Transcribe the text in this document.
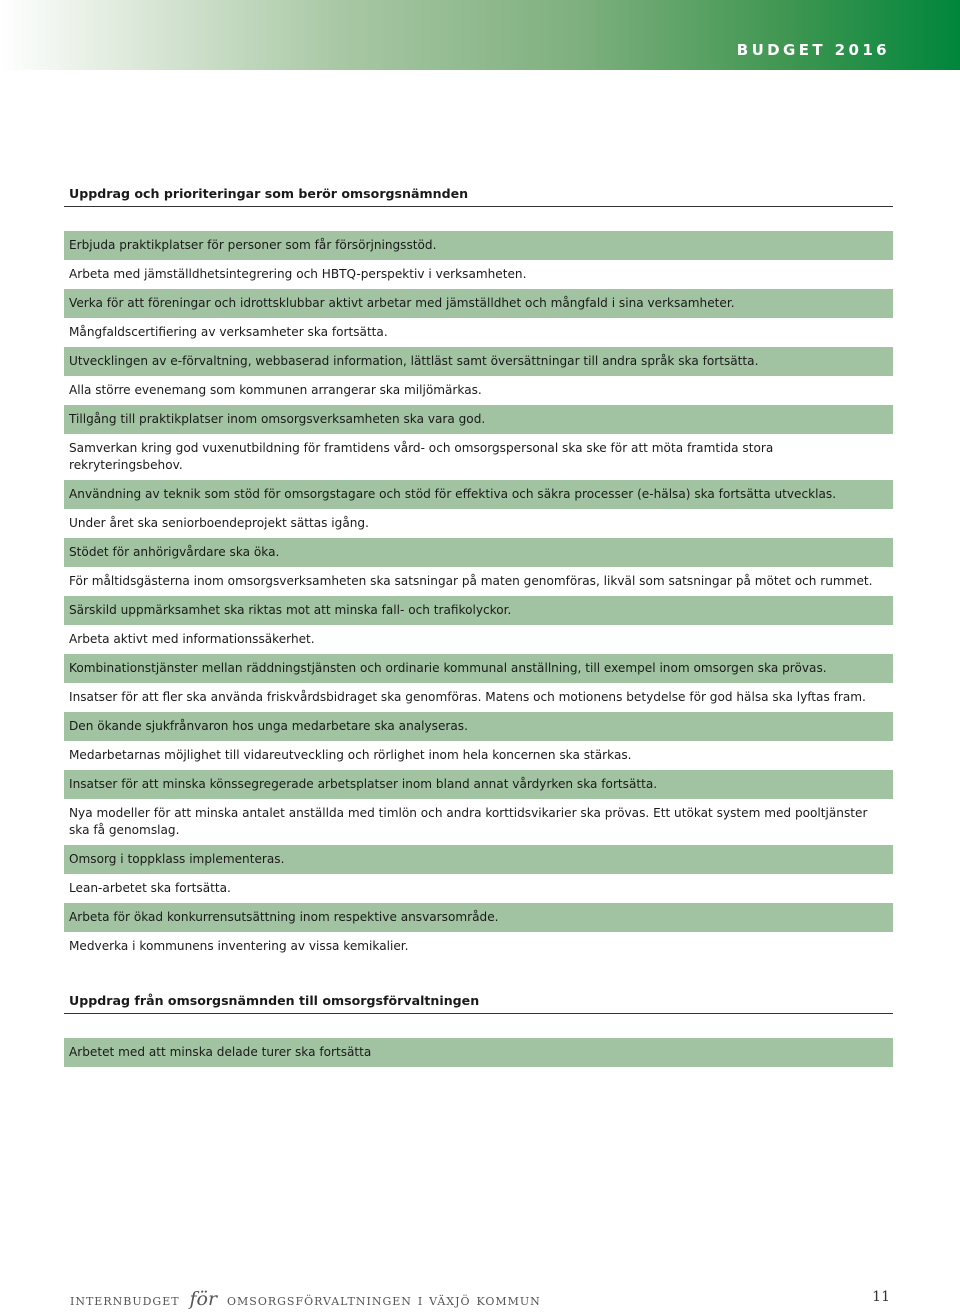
BUDGET 2016
Uppdrag och prioriteringar som berör omsorgsnämnden
Erbjuda praktikplatser för personer som får försörjningsstöd.
Arbeta med jämställdhetsintegrering och HBTQ-perspektiv i verksamheten.
Verka för att föreningar och idrottsklubbar aktivt arbetar med jämställdhet och mångfald i sina verksamheter.
Mångfaldscertifiering av verksamheter ska fortsätta.
Utvecklingen av e-förvaltning, webbaserad information, lättläst samt översättningar till andra språk ska fortsätta.
Alla större evenemang som kommunen arrangerar ska miljömärkas.
Tillgång till praktikplatser inom omsorgsverksamheten ska vara god.
Samverkan kring god vuxenutbildning för framtidens vård- och omsorgspersonal ska ske för att möta framtida stora rekryteringsbehov.
Användning av teknik som stöd för omsorgstagare och stöd för effektiva och säkra processer (e-hälsa) ska fortsätta utvecklas.
Under året ska seniorboendeprojekt sättas igång.
Stödet för anhörigvårdare ska öka.
För måltidsgästerna inom omsorgsverksamheten ska satsningar på maten genomföras, likväl som satsningar på mötet och rummet.
Särskild uppmärksamhet ska riktas mot att minska fall- och trafikolyckor.
Arbeta aktivt med informationssäkerhet.
Kombinationstjänster mellan räddningstjänsten och ordinarie kommunal anställning, till exempel inom omsorgen ska prövas.
Insatser för att fler ska använda friskvårdsbidraget ska genomföras. Matens och motionens betydelse för god hälsa ska lyftas fram.
Den ökande sjukfrånvaron hos unga medarbetare ska analyseras.
Medarbetarnas möjlighet till vidareutveckling och rörlighet inom hela koncernen ska stärkas.
Insatser för att minska könssegregerade arbetsplatser inom bland annat vårdyrken ska fortsätta.
Nya modeller för att minska antalet anställda med timlön och andra korttidsvikarier ska prövas. Ett utökat system med pooltjänster ska få genomslag.
Omsorg i toppklass implementeras.
Lean-arbetet ska fortsätta.
Arbeta för ökad konkurrensutsättning inom respektive ansvarsområde.
Medverka i kommunens inventering av vissa kemikalier.
Uppdrag från omsorgsnämnden till omsorgsförvaltningen
Arbetet med att minska delade turer ska fortsätta
internbudget för omsorgsförvaltningen i växjö kommun	11
